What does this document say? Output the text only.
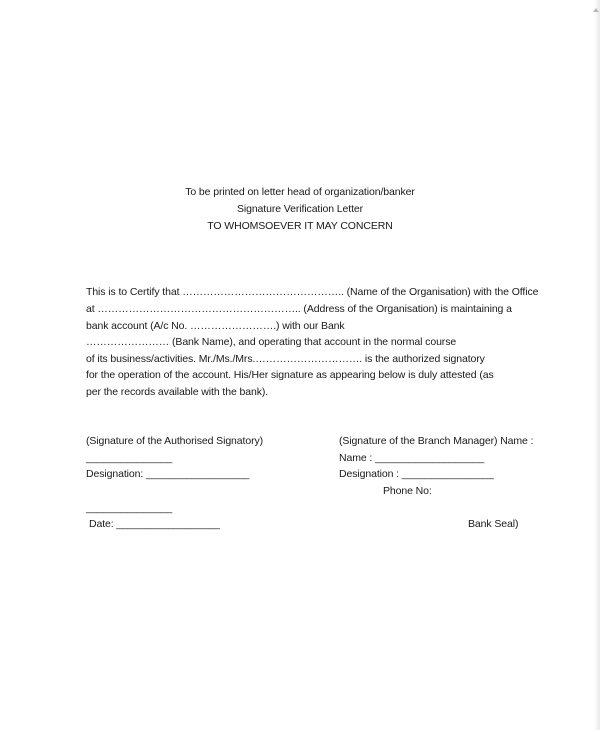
To be printed on letter head of organization/banker
Signature Verification Letter
TO WHOMSOEVER IT MAY CONCERN
This is to Certify that ……………………………………….. (Name of the Organisation) with the Office
at ………………………………………………….. (Address of the Organisation) is maintaining a
bank account (A/c No. …………………….) with our Bank
…………………… (Bank Name), and operating that account in the normal course
of its business/activities. Mr./Ms./Mrs.…………………………. is the authorized signatory
for the operation of the account. His/Her signature as appearing below is duly attested (as
per the records available with the bank).
(Signature of the Authorised Signatory)
_______________
Designation: __________________
_______________
Date: __________________
(Signature of the Branch Manager) Name :
Name : ___________________
Designation : ________________
Phone No:
Bank Seal)
